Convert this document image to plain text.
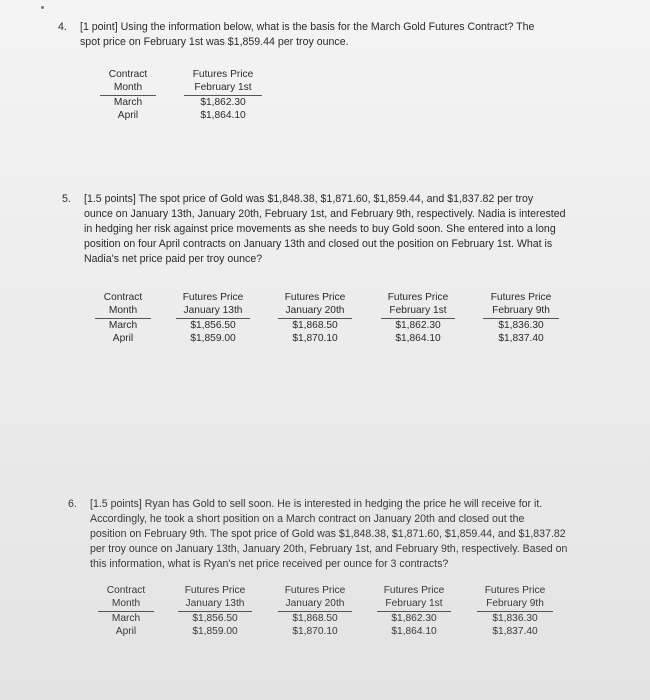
4. [1 point] Using the information below, what is the basis for the March Gold Futures Contract? The
spot price on February 1st was $1,859.44 per troy ounce.
Contract
Month
March
April
Futures Price
February 1st
$1,862.30
$1,864.10
5. [1.5 points] The spot price of Gold was $1,848.38, $1,871.60, $1,859.44, and $1,837.82 per troy
ounce on January 13th, January 20th, February 1st, and February 9th, respectively. Nadia is interested
in hedging her risk against price movements as she needs to buy Gold soon. She entered into a long
position on four April contracts on January 13th and closed out the position on February 1st. What is
Nadia's net price paid per troy ounce?
Contract
Month
March
April
Futures Price
January 13th
$1,856.50
$1,859.00
Futures Price
January 20th
$1,868.50
$1,870.10
Futures Price
February 1st
$1,862.30
$1,864.10
Futures Price
February 9th
$1,836.30
$1,837.40
6. [1.5 points] Ryan has Gold to sell soon. He is interested in hedging the price he will receive for it.
Accordingly, he took a short position on a March contract on January 20th and closed out the
position on February 9th. The spot price of Gold was $1,848.38, $1,871.60, $1,859.44, and $1,837.82
per troy ounce on January 13th, January 20th, February 1st, and February 9th, respectively. Based on
this information, what is Ryan's net price received per ounce for 3 contracts?
Contract
Month
March
April
Futures Price
January 13th
$1,856.50
$1,859.00
Futures Price
January 20th
$1,868.50
$1,870.10
Futures Price
February 1st
$1,862.30
$1,864.10
Futures Price
February 9th
$1,836.30
$1,837.40
